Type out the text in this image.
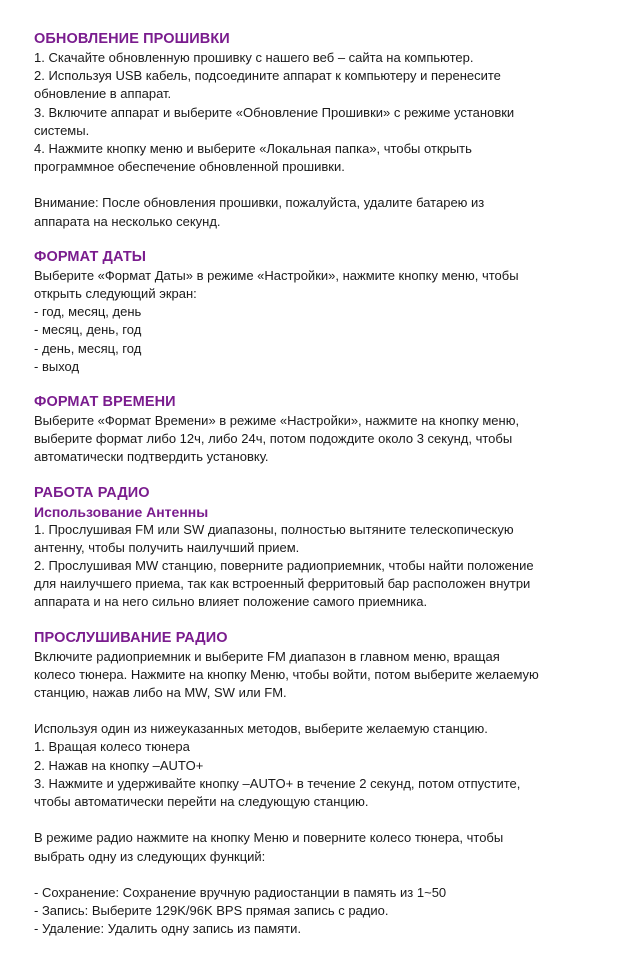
ОБНОВЛЕНИЕ ПРОШИВКИ

1. Скачайте обновленную прошивку с нашего веб – сайта на компьютер.

2. Используя USB кабель, подсоедините аппарат к компьютеру и перенесите

обновление в аппарат.

3. Включите аппарат и выберите «Обновление Прошивки» с режиме установки

системы.

4. Нажмите кнопку меню и выберите «Локальная папка», чтобы открыть

программное обеспечение обновленной прошивки.

Внимание: После обновления прошивки, пожалуйста, удалите батарею из

аппарата на несколько секунд.

ФОРМАТ ДАТЫ

Выберите «Формат Даты» в режиме «Настройки», нажмите кнопку меню, чтобы

открыть следующий экран:

- год, месяц, день

- месяц, день, год

- день, месяц, год

- выход

ФОРМАТ ВРЕМЕНИ

Выберите «Формат Времени» в режиме «Настройки», нажмите на кнопку меню,

выберите формат либо 12ч, либо 24ч, потом подождите около 3 секунд, чтобы

автоматически подтвердить установку.

РАБОТА РАДИО

Использование Антенны

1. Прослушивая FM или SW диапазоны, полностью вытяните телескопическую

антенну, чтобы получить наилучший прием.

2. Прослушивая MW станцию, поверните радиоприемник, чтобы найти положение

для наилучшего приема, так как встроенный ферритовый бар расположен внутри

аппарата и на него сильно влияет положение самого приемника.

ПРОСЛУШИВАНИЕ РАДИО

Включите радиоприемник и выберите FM диапазон в главном меню, вращая

колесо тюнера. Нажмите на кнопку Меню, чтобы войти, потом выберите желаемую

станцию, нажав либо на MW, SW или FM.

Используя один из нижеуказанных методов, выберите желаемую станцию.

1. Вращая колесо тюнера

2. Нажав на кнопку –AUTO+

3. Нажмите и удерживайте кнопку –AUTO+ в течение 2 секунд, потом отпустите,

чтобы автоматически перейти на следующую станцию.

В режиме радио нажмите на кнопку Меню и поверните колесо тюнера, чтобы

выбрать одну из следующих функций:

- Сохранение: Сохранение вручную радиостанции в память из 1~50

- Запись: Выберите 129K/96K BPS прямая запись с радио.

- Удаление: Удалить одну запись из памяти.
